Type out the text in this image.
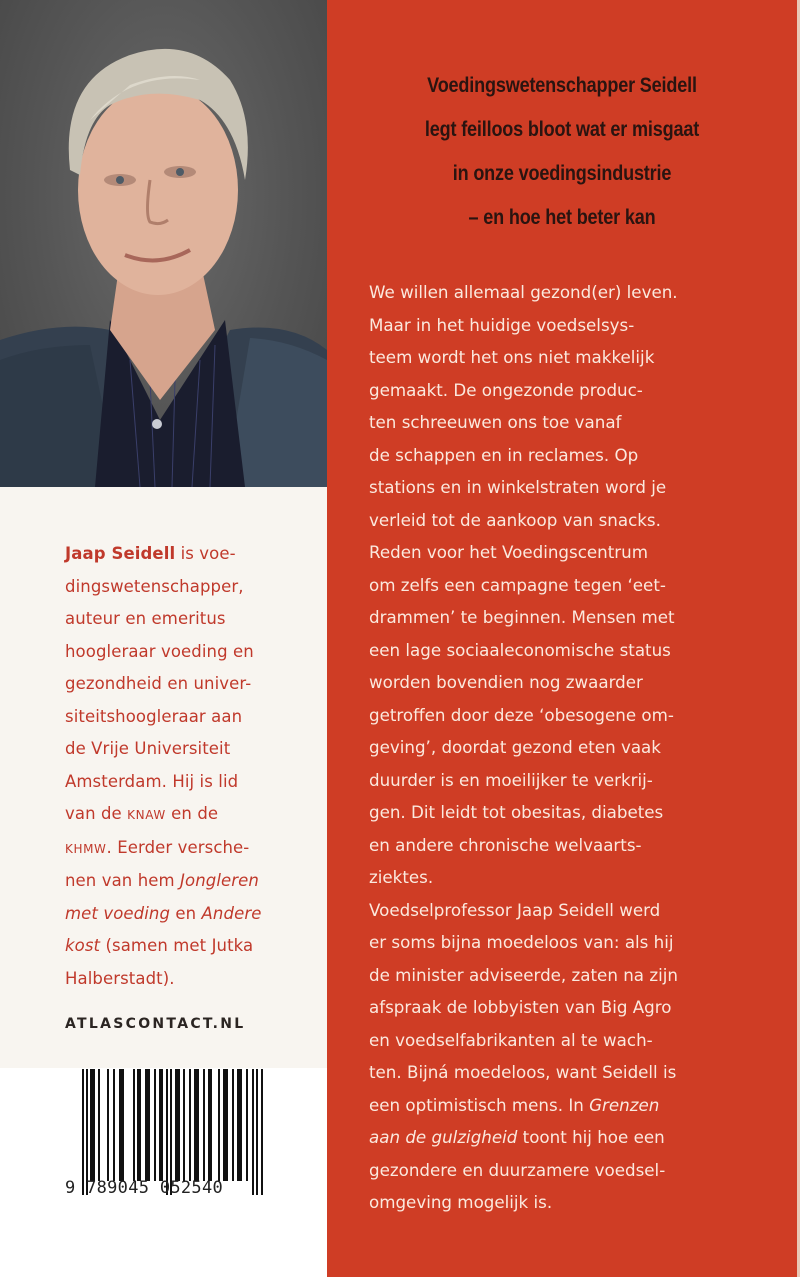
Jaap Seidell is voe-
dingswetenschapper,
auteur en emeritus
hoogleraar voeding en
gezondheid en univer-
siteitshoogleraar aan
de Vrije Universiteit
Amsterdam. Hij is lid
van de KNAW en de
KHMW. Eerder versche-
nen van hem Jongleren
met voeding en Andere
kost (samen met Jutka
Halberstadt).
ATLASCONTACT.NL
9 789045 052540
Voedingswetenschapper Seidell
legt feilloos bloot wat er misgaat
in onze voedingsindustrie
– en hoe het beter kan
We willen allemaal gezond(er) leven.
Maar in het huidige voedselsys-
teem wordt het ons niet makkelijk
gemaakt. De ongezonde produc-
ten schreeuwen ons toe vanaf
de schappen en in reclames. Op
stations en in winkelstraten word je
verleid tot de aankoop van snacks.
Reden voor het Voedingscentrum
om zelfs een campagne tegen ‘eet-
drammen’ te beginnen. Mensen met
een lage sociaaleconomische status
worden bovendien nog zwaarder
getroffen door deze ‘obesogene om-
geving’, doordat gezond eten vaak
duurder is en moeilijker te verkrij-
gen. Dit leidt tot obesitas, diabetes
en andere chronische welvaarts-
ziektes.
Voedselprofessor Jaap Seidell werd
er soms bijna moedeloos van: als hij
de minister adviseerde, zaten na zijn
afspraak de lobbyisten van Big Agro
en voedselfabrikanten al te wach-
ten. Bijná moedeloos, want Seidell is
een optimistisch mens. In Grenzen
aan de gulzigheid toont hij hoe een
gezondere en duurzamere voedsel-
omgeving mogelijk is.
